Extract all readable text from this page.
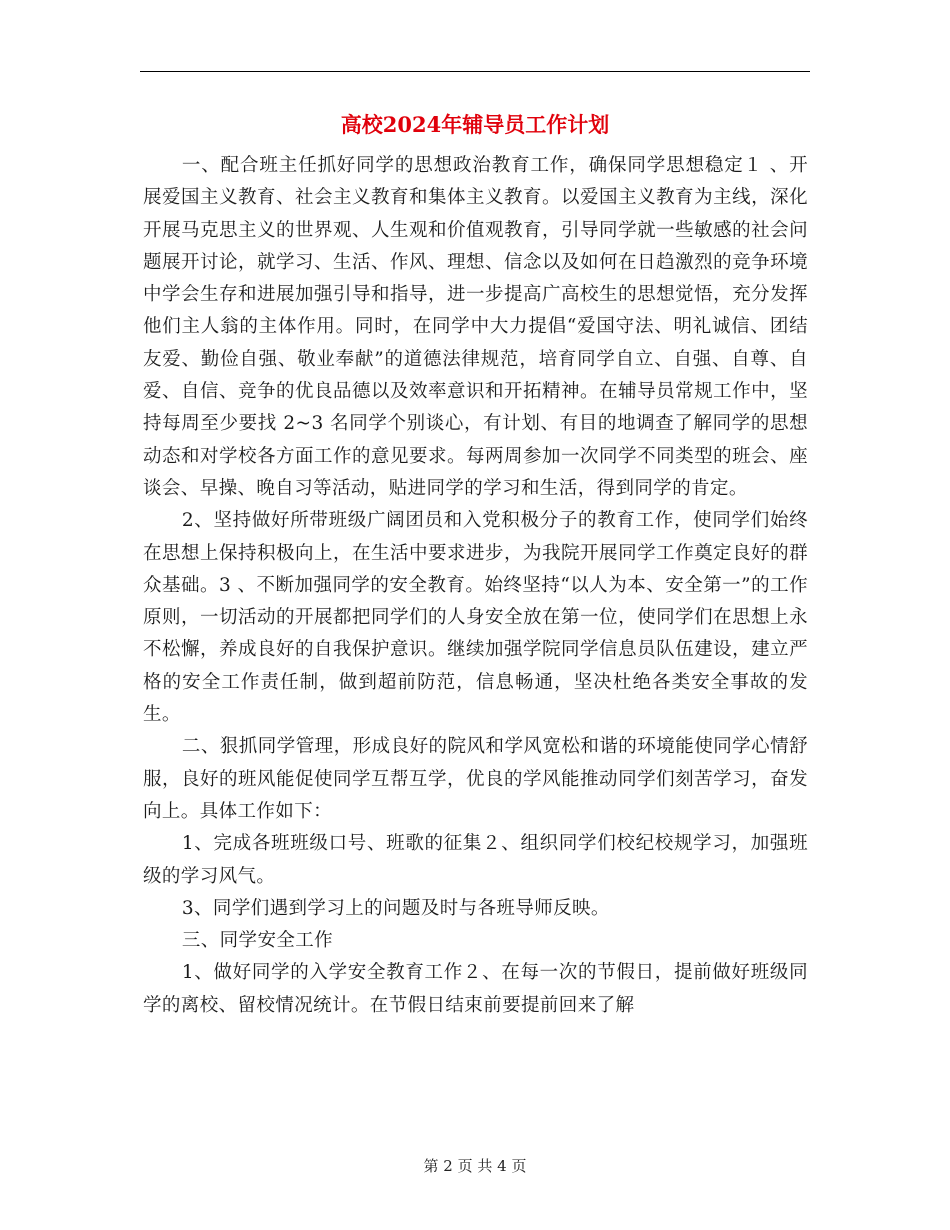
高校2024年辅导员工作计划

一、配合班主任抓好同学的思想政治教育工作，确保同学思想稳定１ 、开展爱国主义教育、社会主义教育和集体主义教育。以爱国主义教育为主线，深化开展马克思主义的世界观、人生观和价值观教育，引导同学就一些敏感的社会问题展开讨论，就学习、生活、作风、理想、信念以及如何在日趋激烈的竞争环境中学会生存和进展加强引导和指导，进一步提高广高校生的思想觉悟，充分发挥他们主人翁的主体作用。同时，在同学中大力提倡“爱国守法、明礼诚信、团结友爱、勤俭自强、敬业奉献”的道德法律规范，培育同学自立、自强、自尊、自爱、自信、竞争的优良品德以及效率意识和开拓精神。在辅导员常规工作中，坚持每周至少要找 2~3 名同学个别谈心，有计划、有目的地调查了解同学的思想动态和对学校各方面工作的意见要求。每两周参加一次同学不同类型的班会、座谈会、早操、晚自习等活动，贴进同学的学习和生活，得到同学的肯定。

2、坚持做好所带班级广阔团员和入党积极分子的教育工作，使同学们始终在思想上保持积极向上，在生活中要求进步，为我院开展同学工作奠定良好的群众基础。3 、不断加强同学的安全教育。始终坚持“以人为本、安全第一”的工作原则，一切活动的开展都把同学们的人身安全放在第一位，使同学们在思想上永不松懈，养成良好的自我保护意识。继续加强学院同学信息员队伍建设，建立严格的安全工作责任制，做到超前防范，信息畅通，坚决杜绝各类安全事故的发生。

二、狠抓同学管理，形成良好的院风和学风宽松和谐的环境能使同学心情舒服，良好的班风能促使同学互帮互学，优良的学风能推动同学们刻苦学习，奋发向上。具体工作如下：

1、完成各班班级口号、班歌的征集２、组织同学们校纪校规学习，加强班级的学习风气。

3、同学们遇到学习上的问题及时与各班导师反映。

三、同学安全工作

1、做好同学的入学安全教育工作２、在每一次的节假日，提前做好班级同学的离校、留校情况统计。在节假日结束前要提前回来了解

第 2 页 共 4 页
